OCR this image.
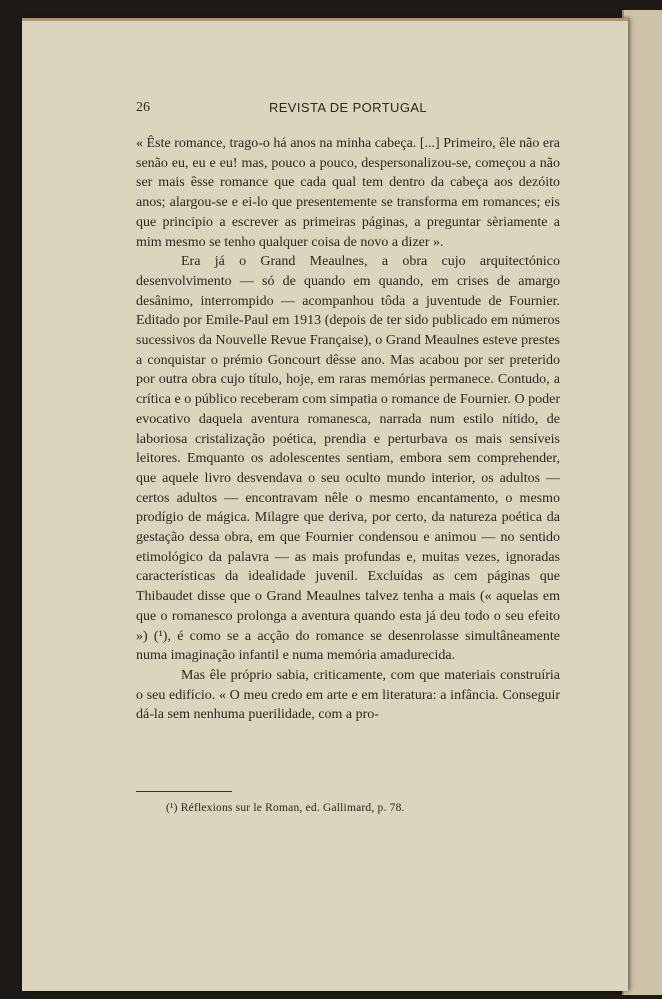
26	REVISTA DE PORTUGAL

« Êste romance, trago-o há anos na minha cabeça. [...] Primeiro, êle não era senão eu, eu e eu! mas, pouco a pouco, despersonalizou-se, começou a não ser mais êsse romance que cada qual tem dentro da cabeça aos dezóito anos; alargou-se e ei-lo que presentemente se transforma em romances; eis que principio a escrever as primeiras páginas, a preguntar sèriamente a mim mesmo se tenho qualquer coisa de novo a dizer ».

Era já o Grand Meaulnes, a obra cujo arquitectónico desenvolvimento — só de quando em quando, em crises de amargo desânimo, interrompido — acompanhou tôda a juventude de Fournier. Editado por Emile-Paul em 1913 (depois de ter sido publicado em números sucessivos da Nouvelle Revue Française), o Grand Meaulnes esteve prestes a conquistar o prémio Goncourt dêsse ano. Mas acabou por ser preterido por outra obra cujo título, hoje, em raras memórias permanece. Contudo, a crítica e o público receberam com simpatia o romance de Fournier. O poder evocativo daquela aventura romanesca, narrada num estilo nítido, de laboriosa cristalização poética, prendia e perturbava os mais sensíveis leitores. Emquanto os adolescentes sentiam, embora sem comprehender, que aquele livro desvendava o seu oculto mundo interior, os adultos — certos adultos — encontravam nêle o mesmo encantamento, o mesmo prodígio de mágica. Milagre que deriva, por certo, da natureza poética da gestação dessa obra, em que Fournier condensou e animou — no sentido etimológico da palavra — as mais profundas e, muitas vezes, ignoradas características da idealidade juvenil. Excluídas as cem páginas que Thibaudet disse que o Grand Meaulnes talvez tenha a mais (« aquelas em que o romanesco prolonga a aventura quando esta já deu todo o seu efeito ») (¹), é como se a acção do romance se desenrolasse simultâneamente numa imaginação infantil e numa memória amadurecida.

Mas êle próprio sabia, criticamente, com que materiais construíria o seu edifício. « O meu credo em arte e em literatura: a infância. Conseguir dá-la sem nenhuma puerilidade, com a pro-

(¹) Réflexions sur le Roman, ed. Gallimard, p. 78.
